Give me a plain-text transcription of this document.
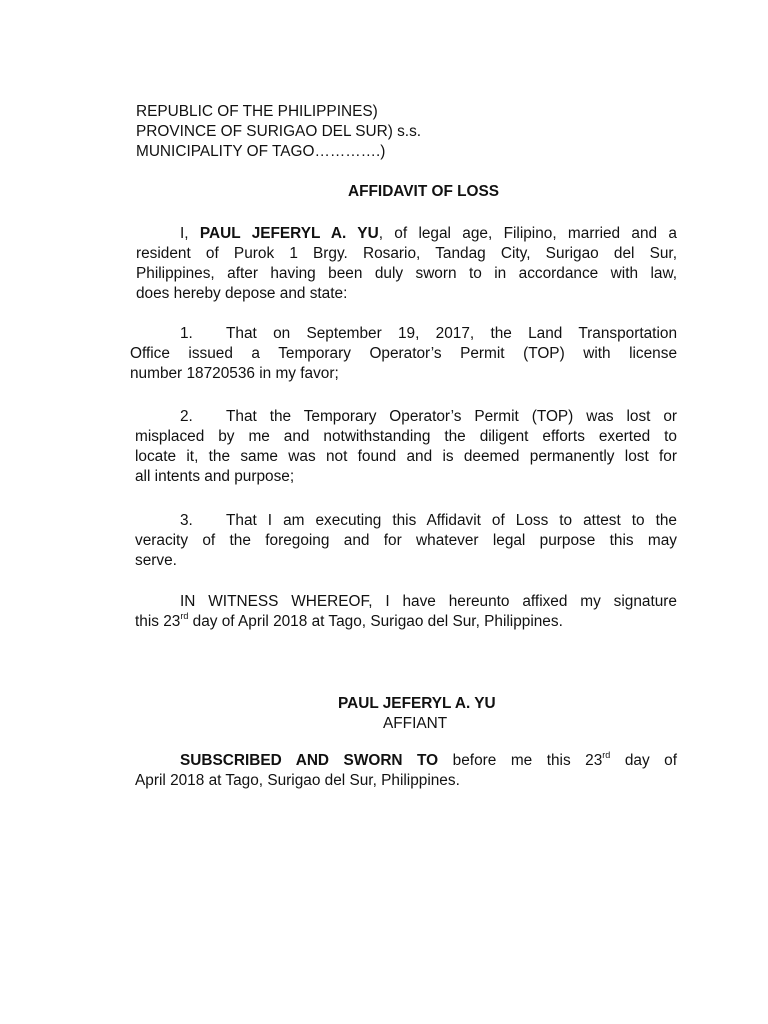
REPUBLIC OF THE PHILIPPINES)
PROVINCE OF SURIGAO DEL SUR) s.s.
MUNICIPALITY OF TAGO………….)
AFFIDAVIT OF LOSS
I, PAUL JEFERYL A. YU, of legal age, Filipino, married and a
resident of Purok 1 Brgy. Rosario, Tandag City, Surigao del Sur,
Philippines, after having been duly sworn to in accordance with law,
does hereby depose and state:
1. That on September 19, 2017, the Land Transportation
Office issued a Temporary Operator’s Permit (TOP) with license
number 18720536 in my favor;
2. That the Temporary Operator’s Permit (TOP) was lost or
misplaced by me and notwithstanding the diligent efforts exerted to
locate it, the same was not found and is deemed permanently lost for
all intents and purpose;
3. That I am executing this Affidavit of Loss to attest to the
veracity of the foregoing and for whatever legal purpose this may
serve.
IN WITNESS WHEREOF, I have hereunto affixed my signature
this 23rd day of April 2018 at Tago, Surigao del Sur, Philippines.
PAUL JEFERYL A. YU
AFFIANT
SUBSCRIBED AND SWORN TO before me this 23rd day of
April 2018 at Tago, Surigao del Sur, Philippines.
